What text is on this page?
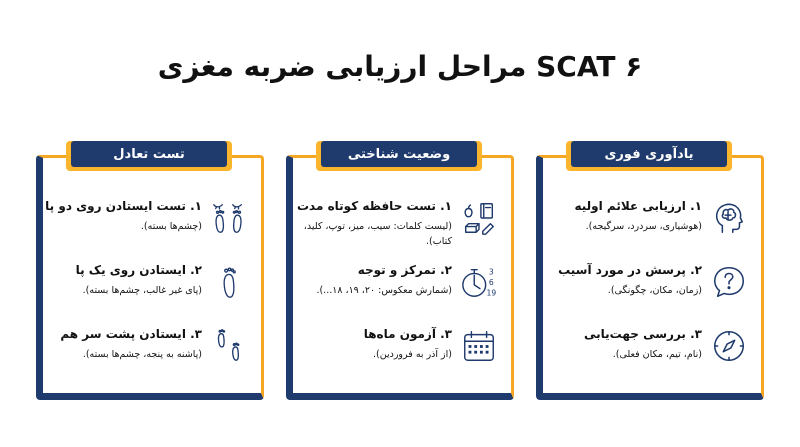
مراحل ارزیابی ضربه مغزی SCAT ۶
یادآوری فوری
۱. ارزیابی علائم اولیه
(هوشیاری، سردرد، سرگیجه).
۲. پرسش در مورد آسیب
(زمان، مکان، چگونگی).
۳. بررسی جهت‌یابی
(نام، تیم، مکان فعلی).
وضعیت شناختی
۱. تست حافظه کوتاه مدت
(لیست کلمات: سیب، میز، توپ، کلید، کتاب).
۲. تمرکز و توجه
(شمارش معکوس: ۲۰، ۱۹، ۱۸...).
3
6
19
۳. آزمون ماه‌ها
(از آذر به فروردین).
تست تعادل
۱. تست ایستادن روی دو پا
(چشم‌ها بسته).
۲. ایستادن روی یک پا
(پای غیر غالب، چشم‌ها بسته).
۳. ایستادن پشت سر هم
(پاشنه به پنجه، چشم‌ها بسته).
